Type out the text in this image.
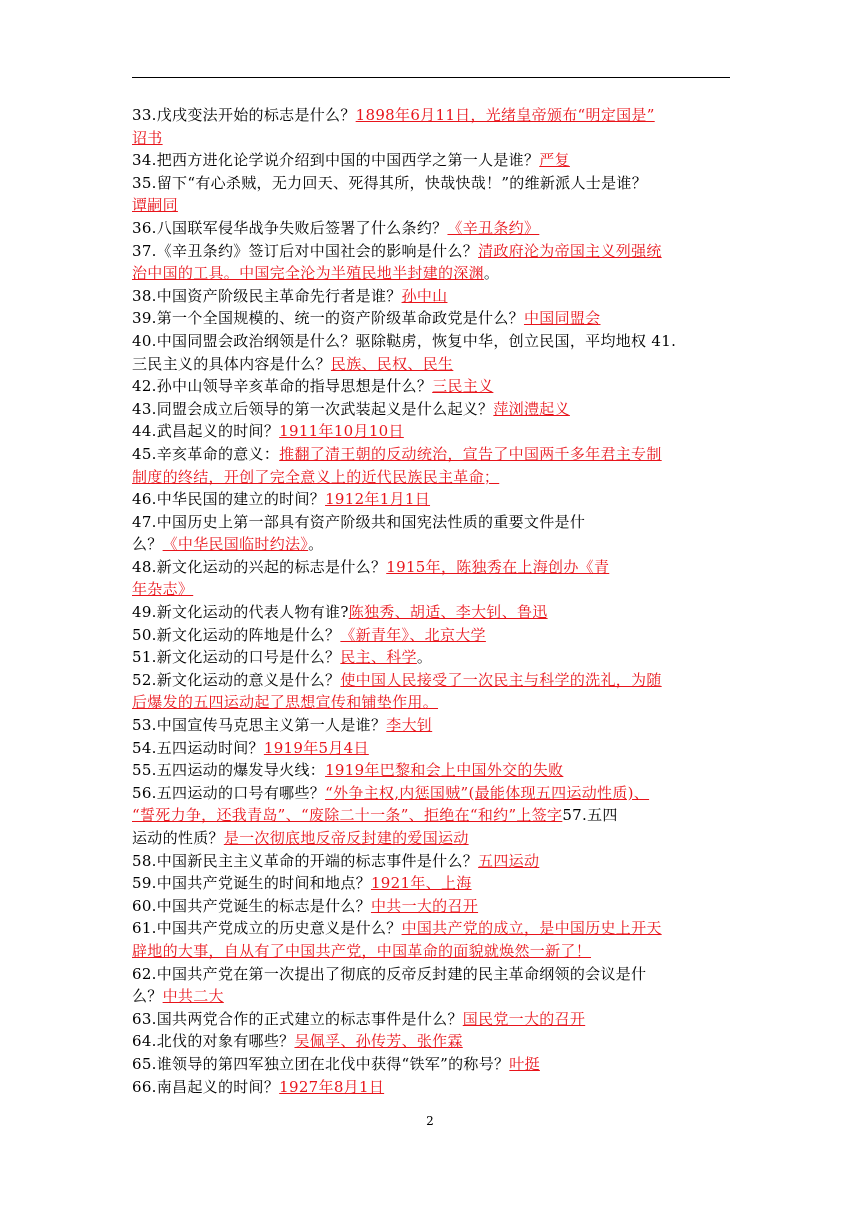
33.戊戌变法开始的标志是什么？1898年6月11日，光绪皇帝颁布“明定国是”
诏书
34.把西方进化论学说介绍到中国的中国西学之第一人是谁？严复
35.留下“有心杀贼，无力回天、死得其所，快哉快哉！”的维新派人士是谁？
谭嗣同
36.八国联军侵华战争失败后签署了什么条约？《辛丑条约》
37.《辛丑条约》签订后对中国社会的影响是什么？清政府沦为帝国主义列强统
治中国的工具。中国完全沦为半殖民地半封建的深渊。
38.中国资产阶级民主革命先行者是谁？孙中山
39.第一个全国规模的、统一的资产阶级革命政党是什么？中国同盟会
40.中国同盟会政治纲领是什么？驱除鞑虏，恢复中华，创立民国，平均地权 41.
三民主义的具体内容是什么？民族、民权、民生
42.孙中山领导辛亥革命的指导思想是什么？三民主义
43.同盟会成立后领导的第一次武装起义是什么起义？萍浏澧起义
44.武昌起义的时间？1911年10月10日
45.辛亥革命的意义：推翻了清王朝的反动统治，宣告了中国两千多年君主专制
制度的终结，开创了完全意义上的近代民族民主革命；
46.中华民国的建立的时间？1912年1月1日
47.中国历史上第一部具有资产阶级共和国宪法性质的重要文件是什
么？《中华民国临时约法》。
48.新文化运动的兴起的标志是什么？1915年，陈独秀在上海创办《青
年杂志》
49.新文化运动的代表人物有谁?陈独秀、胡适、李大钊、鲁迅
50.新文化运动的阵地是什么？《新青年》、北京大学
51.新文化运动的口号是什么？民主、科学。
52.新文化运动的意义是什么？使中国人民接受了一次民主与科学的洗礼，为随
后爆发的五四运动起了思想宣传和铺垫作用。
53.中国宣传马克思主义第一人是谁？李大钊
54.五四运动时间？1919年5月4日
55.五四运动的爆发导火线：1919年巴黎和会上中国外交的失败
56.五四运动的口号有哪些？“外争主权,内惩国贼”(最能体现五四运动性质)、
“誓死力争，还我青岛”、“废除二十一条”、拒绝在“和约”上签字57.五四
运动的性质？是一次彻底地反帝反封建的爱国运动
58.中国新民主主义革命的开端的标志事件是什么？五四运动
59.中国共产党诞生的时间和地点？1921年、上海
60.中国共产党诞生的标志是什么？中共一大的召开
61.中国共产党成立的历史意义是什么？中国共产党的成立，是中国历史上开天
辟地的大事，自从有了中国共产党，中国革命的面貌就焕然一新了！
62.中国共产党在第一次提出了彻底的反帝反封建的民主革命纲领的会议是什
么？中共二大
63.国共两党合作的正式建立的标志事件是什么？国民党一大的召开
64.北伐的对象有哪些？吴佩孚、孙传芳、张作霖
65.谁领导的第四军独立团在北伐中获得“铁军”的称号？叶挺
66.南昌起义的时间？1927年8月1日
2
